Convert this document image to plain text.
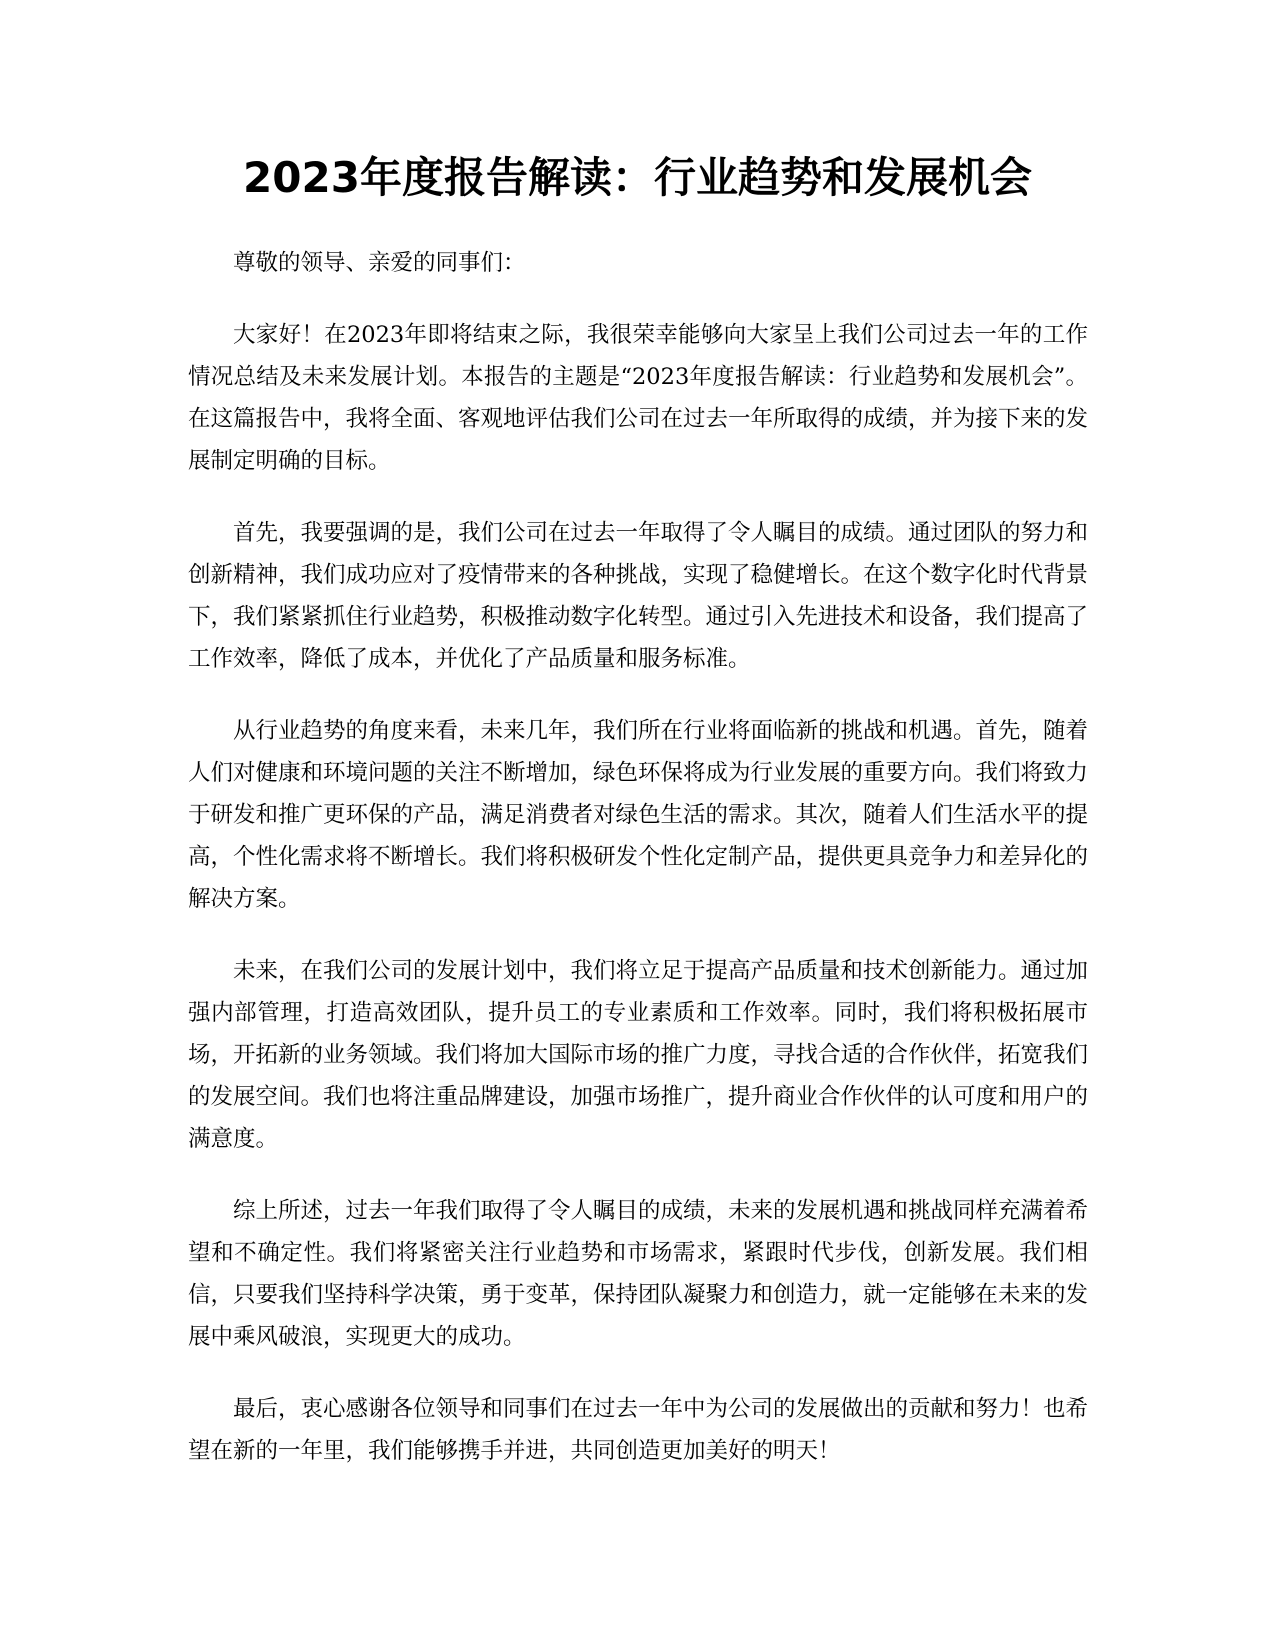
2023年度报告解读：行业趋势和发展机会

尊敬的领导、亲爱的同事们：

大家好！在2023年即将结束之际，我很荣幸能够向大家呈上我们公司过去一年的工作情况总结及未来发展计划。本报告的主题是“2023年度报告解读：行业趋势和发展机会”。在这篇报告中，我将全面、客观地评估我们公司在过去一年所取得的成绩，并为接下来的发展制定明确的目标。

首先，我要强调的是，我们公司在过去一年取得了令人瞩目的成绩。通过团队的努力和创新精神，我们成功应对了疫情带来的各种挑战，实现了稳健增长。在这个数字化时代背景下，我们紧紧抓住行业趋势，积极推动数字化转型。通过引入先进技术和设备，我们提高了工作效率，降低了成本，并优化了产品质量和服务标准。

从行业趋势的角度来看，未来几年，我们所在行业将面临新的挑战和机遇。首先，随着人们对健康和环境问题的关注不断增加，绿色环保将成为行业发展的重要方向。我们将致力于研发和推广更环保的产品，满足消费者对绿色生活的需求。其次，随着人们生活水平的提高，个性化需求将不断增长。我们将积极研发个性化定制产品，提供更具竞争力和差异化的解决方案。

未来，在我们公司的发展计划中，我们将立足于提高产品质量和技术创新能力。通过加强内部管理，打造高效团队，提升员工的专业素质和工作效率。同时，我们将积极拓展市场，开拓新的业务领域。我们将加大国际市场的推广力度，寻找合适的合作伙伴，拓宽我们的发展空间。我们也将注重品牌建设，加强市场推广，提升商业合作伙伴的认可度和用户的满意度。

综上所述，过去一年我们取得了令人瞩目的成绩，未来的发展机遇和挑战同样充满着希望和不确定性。我们将紧密关注行业趋势和市场需求，紧跟时代步伐，创新发展。我们相信，只要我们坚持科学决策，勇于变革，保持团队凝聚力和创造力，就一定能够在未来的发展中乘风破浪，实现更大的成功。

最后，衷心感谢各位领导和同事们在过去一年中为公司的发展做出的贡献和努力！也希望在新的一年里，我们能够携手并进，共同创造更加美好的明天！
